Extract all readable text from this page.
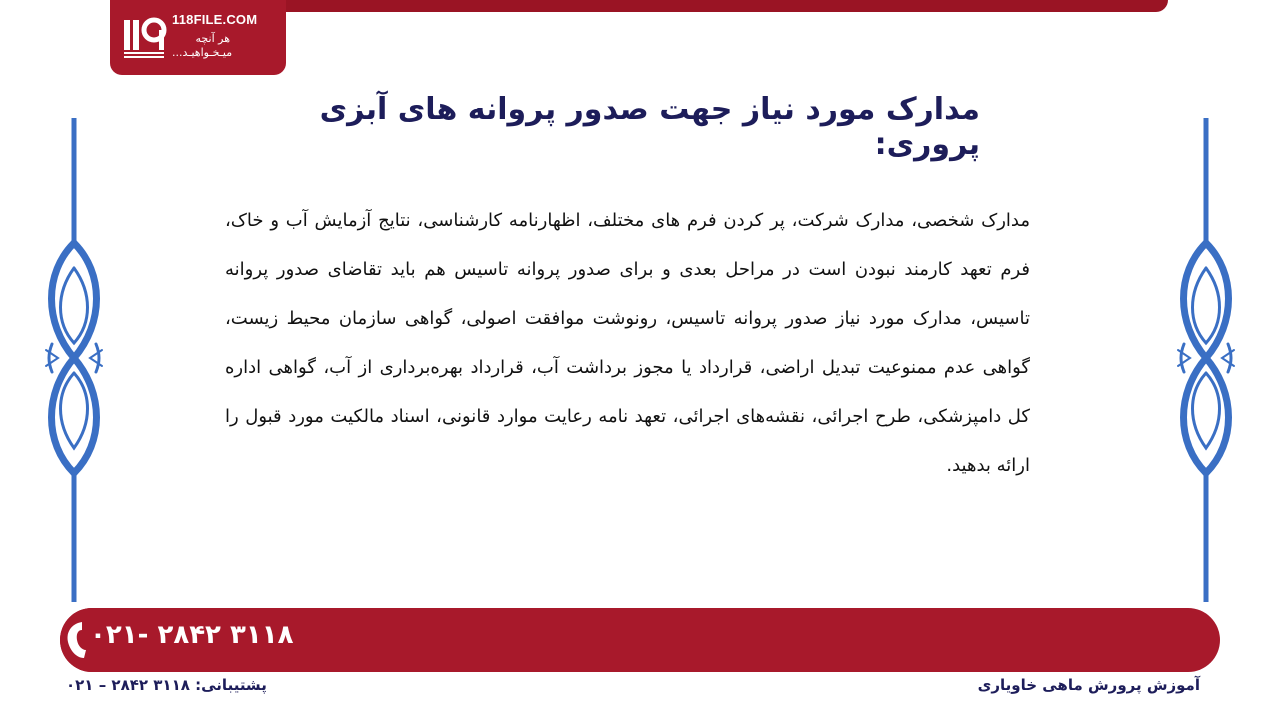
118FILE.COM
هر آنچه
میـخـواهیـد...
مدارک مورد نیاز جهت صدور پروانه های آبزی پروری:
مدارک شخصی، مدارک شرکت، پر کردن فرم های مختلف، اظهارنامه کارشناسی، نتایج آزمایش آب و خاک، فرم تعهد کارمند نبودن است در مراحل بعدی و برای صدور پروانه تاسیس هم باید تقاضای صدور پروانه تاسیس، مدارک مورد نیاز صدور پروانه تاسیس، رونوشت موافقت اصولی، گواهی سازمان محیط زیست، گواهی عدم ممنوعیت تبدیل اراضی، قرارداد یا مجوز برداشت آب، قرارداد بهره‌برداری از آب، گواهی اداره کل دامپزشکی، طرح اجرائی، نقشه‌های اجرائی، تعهد نامه رعایت موارد قانونی، اسناد مالکیت مورد قبول را ارائه بدهید.
۰۲۱- ۲۸۴۲ ۳۱۱۸
پشتیبانی: ۳۱۱۸ ۲۸۴۲ – ۰۲۱	آموزش پرورش ماهی خاویاری
